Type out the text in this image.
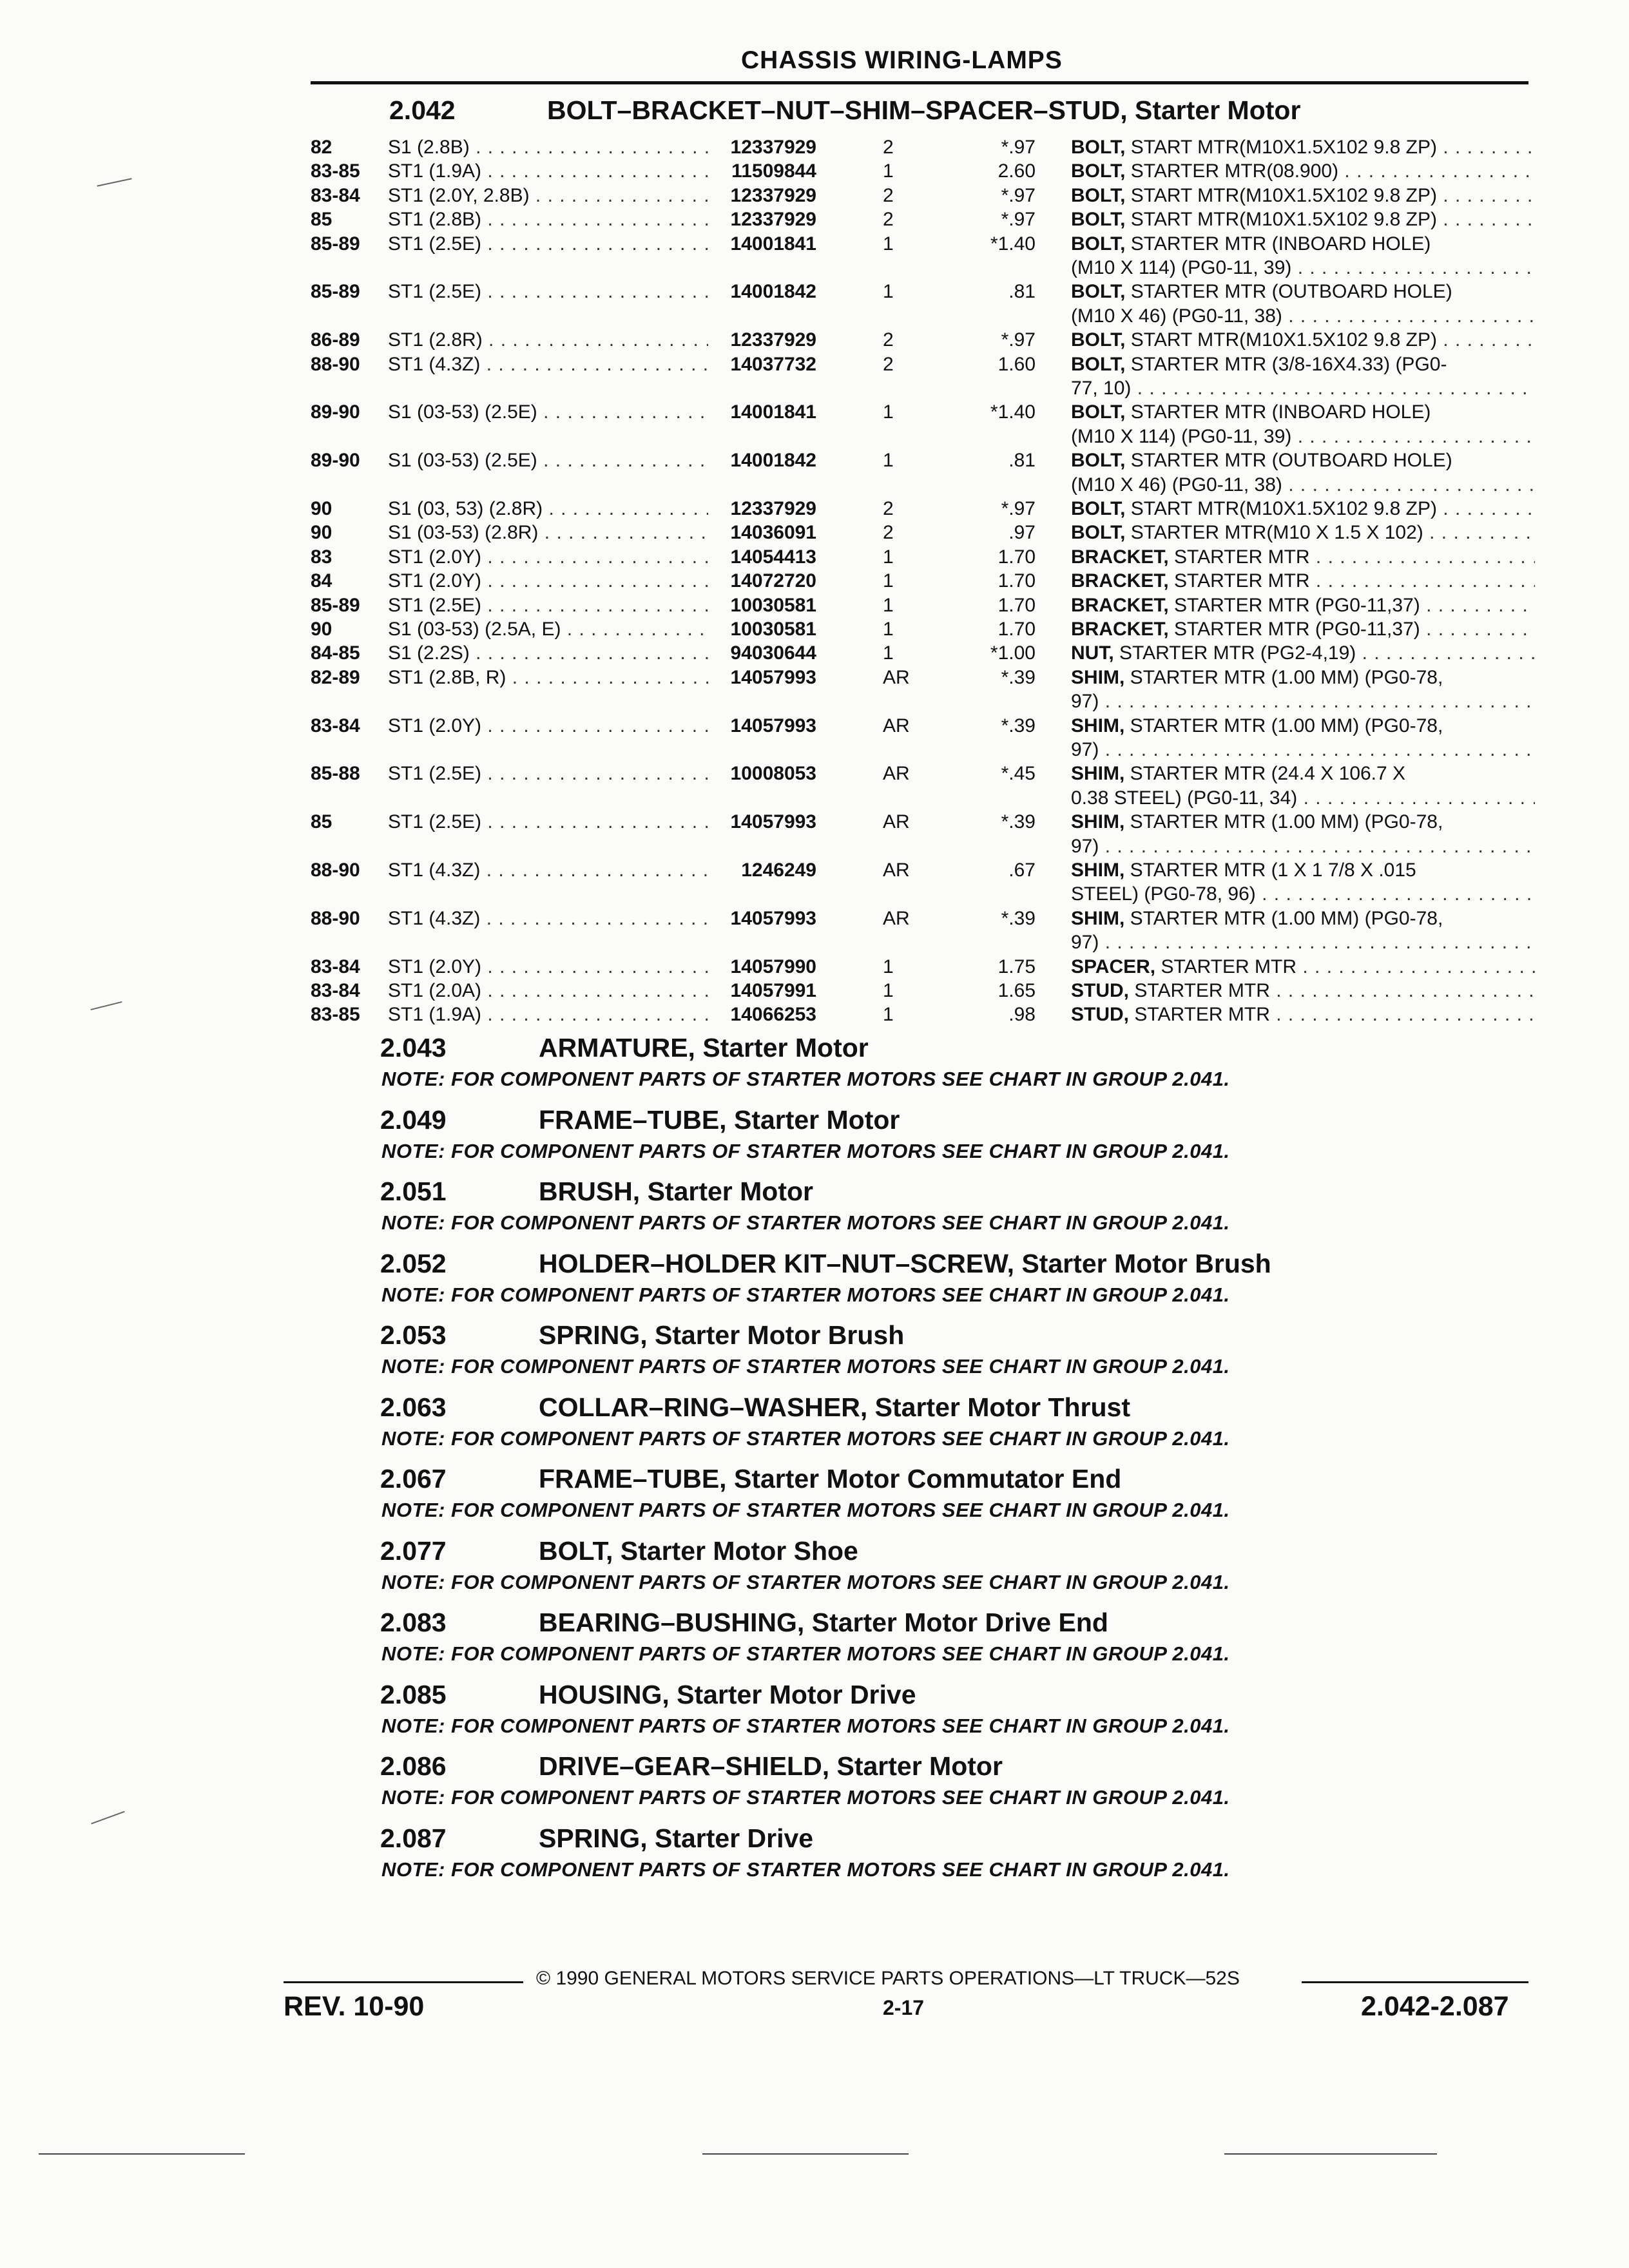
CHASSIS WIRING-LAMPS
2.042	BOLT–BRACKET–NUT–SHIM–SPACER–STUD, Starter Motor
82	S1 (2.8B) . . .	12337929	2	*.97 BOLT, START MTR(M10X1.5X102 9.8 ZP) . . .
83-85 ST1 (1.9A) . . .	11509844	1	2.60 BOLT, STARTER MTR(08.900) . . .
83-84 ST1 (2.0Y, 2.8B) . . .	12337929	2	*.97 BOLT, START MTR(M10X1.5X102 9.8 ZP) . . .
85	ST1 (2.8B) . . .	12337929	2	*.97 BOLT, START MTR(M10X1.5X102 9.8 ZP) . . .
85-89 ST1 (2.5E) . . .	14001841	1	*1.40 BOLT, STARTER MTR (INBOARD HOLE)
(M10 X 114) (PG0-11, 39) . . .
85-89 ST1 (2.5E) . . .	14001842	1	.81 BOLT, STARTER MTR (OUTBOARD HOLE)
(M10 X 46) (PG0-11, 38) . . .
86-89 ST1 (2.8R) . . .	12337929	2	*.97 BOLT, START MTR(M10X1.5X102 9.8 ZP) . . .
88-90 ST1 (4.3Z) . . .	14037732	2	1.60 BOLT, STARTER MTR (3/8-16X4.33) (PG0-
77, 10) . . .
89-90 S1 (03-53) (2.5E) . . .	14001841	1	*1.40 BOLT, STARTER MTR (INBOARD HOLE)
(M10 X 114) (PG0-11, 39) . . .
89-90 S1 (03-53) (2.5E) . . .	14001842	1	.81 BOLT, STARTER MTR (OUTBOARD HOLE)
(M10 X 46) (PG0-11, 38) . . .
90	S1 (03, 53) (2.8R) . . .	12337929	2	*.97 BOLT, START MTR(M10X1.5X102 9.8 ZP) . . .
90	S1 (03-53) (2.8R) . . .	14036091	2	.97 BOLT, STARTER MTR(M10 X 1.5 X 102) . . .
83	ST1 (2.0Y) . . .	14054413	1	1.70 BRACKET, STARTER MTR . . .
84	ST1 (2.0Y) . . .	14072720	1	1.70 BRACKET, STARTER MTR . . .
85-89 ST1 (2.5E) . . .	10030581	1	1.70 BRACKET, STARTER MTR (PG0-11,37) . . .
90	S1 (03-53) (2.5A, E) . . .	10030581	1	1.70 BRACKET, STARTER MTR (PG0-11,37) . . .
84-85 S1 (2.2S) . . .	94030644	1	*1.00 NUT, STARTER MTR (PG2-4,19) . . .
82-89 ST1 (2.8B, R) . . .	14057993	AR	*.39 SHIM, STARTER MTR (1.00 MM) (PG0-78,
97) . . .
83-84 ST1 (2.0Y) . . .	14057993	AR	*.39 SHIM, STARTER MTR (1.00 MM) (PG0-78,
97) . . .
85-88 ST1 (2.5E) . . .	10008053	AR	*.45 SHIM, STARTER MTR (24.4 X 106.7 X
0.38 STEEL) (PG0-11, 34) . . .
85	ST1 (2.5E) . . .	14057993	AR	*.39 SHIM, STARTER MTR (1.00 MM) (PG0-78,
97) . . .
88-90 ST1 (4.3Z) . . .	1246249	AR	.67 SHIM, STARTER MTR (1 X 1 7/8 X .015
STEEL) (PG0-78, 96) . . .
88-90 ST1 (4.3Z) . . .	14057993	AR	*.39 SHIM, STARTER MTR (1.00 MM) (PG0-78,
97) . . .
83-84 ST1 (2.0Y) . . .	14057990	1	1.75 SPACER, STARTER MTR . . .
83-84 ST1 (2.0A) . . .	14057991	1	1.65 STUD, STARTER MTR . . .
83-85 ST1 (1.9A) . . .	14066253	1	.98 STUD, STARTER MTR . . .
2.043	ARMATURE, Starter Motor
NOTE: FOR COMPONENT PARTS OF STARTER MOTORS SEE CHART IN GROUP 2.041.
2.049	FRAME–TUBE, Starter Motor
NOTE: FOR COMPONENT PARTS OF STARTER MOTORS SEE CHART IN GROUP 2.041.
2.051	BRUSH, Starter Motor
NOTE: FOR COMPONENT PARTS OF STARTER MOTORS SEE CHART IN GROUP 2.041.
2.052	HOLDER–HOLDER KIT–NUT–SCREW, Starter Motor Brush
NOTE: FOR COMPONENT PARTS OF STARTER MOTORS SEE CHART IN GROUP 2.041.
2.053	SPRING, Starter Motor Brush
NOTE: FOR COMPONENT PARTS OF STARTER MOTORS SEE CHART IN GROUP 2.041.
2.063	COLLAR–RING–WASHER, Starter Motor Thrust
NOTE: FOR COMPONENT PARTS OF STARTER MOTORS SEE CHART IN GROUP 2.041.
2.067	FRAME–TUBE, Starter Motor Commutator End
NOTE: FOR COMPONENT PARTS OF STARTER MOTORS SEE CHART IN GROUP 2.041.
2.077	BOLT, Starter Motor Shoe
NOTE: FOR COMPONENT PARTS OF STARTER MOTORS SEE CHART IN GROUP 2.041.
2.083	BEARING–BUSHING, Starter Motor Drive End
NOTE: FOR COMPONENT PARTS OF STARTER MOTORS SEE CHART IN GROUP 2.041.
2.085	HOUSING, Starter Motor Drive
NOTE: FOR COMPONENT PARTS OF STARTER MOTORS SEE CHART IN GROUP 2.041.
2.086	DRIVE–GEAR–SHIELD, Starter Motor
NOTE: FOR COMPONENT PARTS OF STARTER MOTORS SEE CHART IN GROUP 2.041.
2.087	SPRING, Starter Drive
NOTE: FOR COMPONENT PARTS OF STARTER MOTORS SEE CHART IN GROUP 2.041.
© 1990 GENERAL MOTORS SERVICE PARTS OPERATIONS—LT TRUCK—52S
REV. 10-90	2-17	2.042-2.087
